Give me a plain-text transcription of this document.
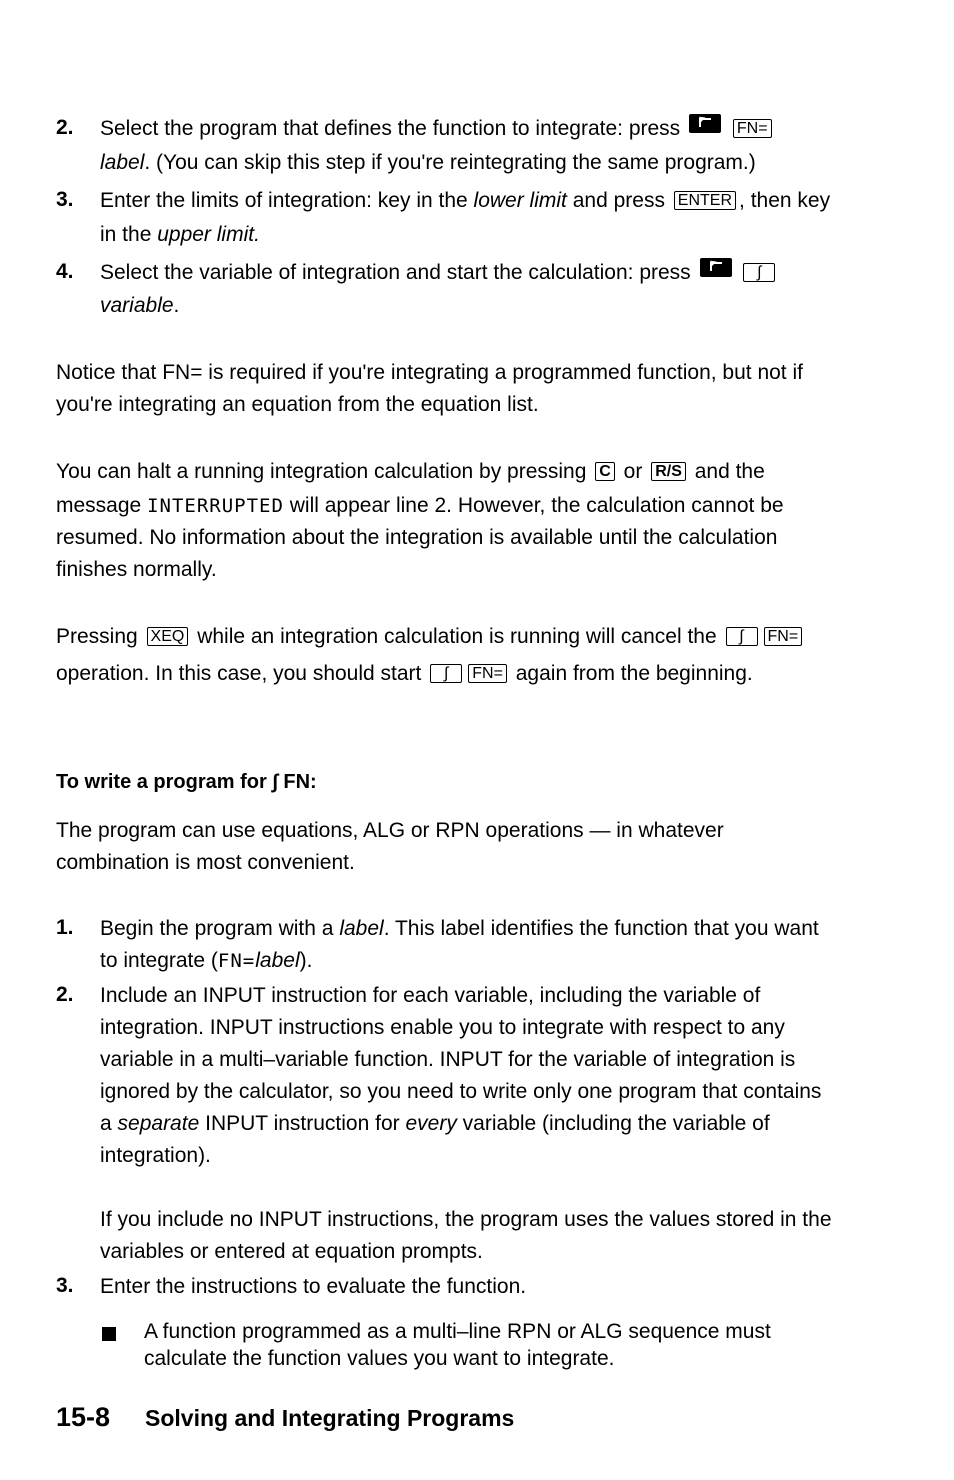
2. Select the program that defines the function to integrate: press	FN=
label. (You can skip this step if you're reintegrating the same program.)
3. Enter the limits of integration: key in the lower limit and press ENTER , then key
in the upper limit.
4. Select the variable of integration and start the calculation: press	∫
variable.
Notice that FN= is required if you're integrating a programmed function, but not if you're integrating an equation from the equation list.
You can halt a running integration calculation by pressing C or R/S and the
message INTERRUPTED will appear line 2. However, the calculation cannot be
resumed. No information about the integration is available until the calculation
finishes normally.
Pressing XEQ while an integration calculation is running will cancel the ∫ FN=
operation. In this case, you should start ∫ FN= again from the beginning.
To write a program for ∫ FN:
The program can use equations, ALG or RPN operations — in whatever combination is most convenient.
1. Begin the program with a label. This label identifies the function that you want
to integrate (FN=label).
2. Include an INPUT instruction for each variable, including the variable of
integration. INPUT instructions enable you to integrate with respect to any
variable in a multi–variable function. INPUT for the variable of integration is
ignored by the calculator, so you need to write only one program that contains
a separate INPUT instruction for every variable (including the variable of
integration).
If you include no INPUT instructions, the program uses the values stored in the
variables or entered at equation prompts.
3. Enter the instructions to evaluate the function.
A function programmed as a multi–line RPN or ALG sequence must calculate the function values you want to integrate.
15-8 Solving and Integrating Programs
